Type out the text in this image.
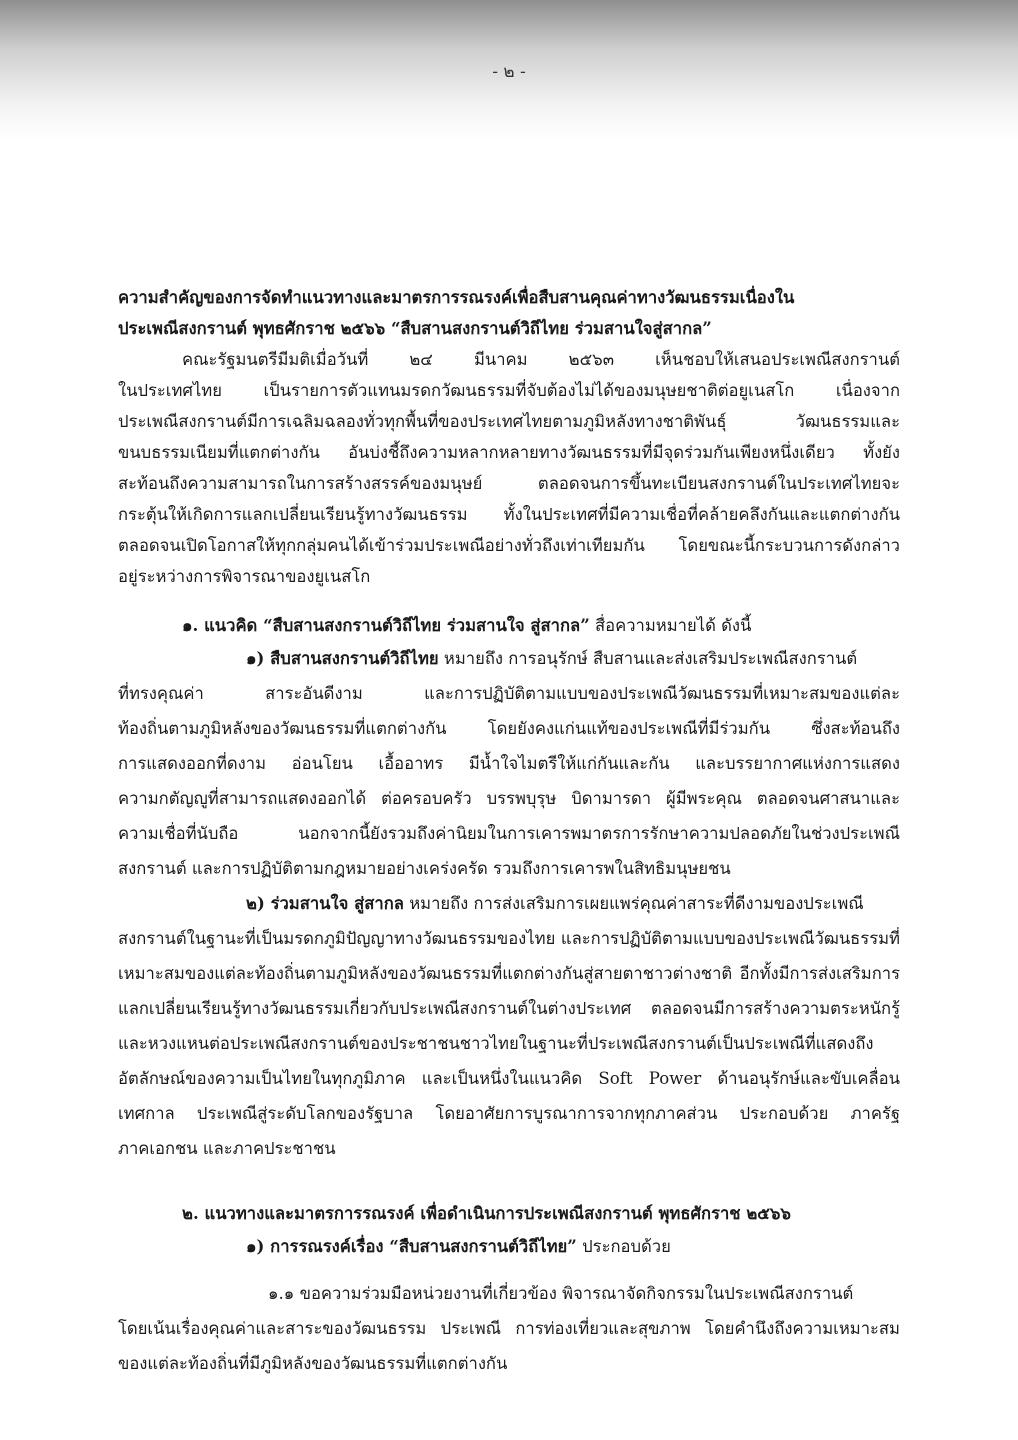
- ๒ -
ความสำคัญของการจัดทำแนวทางและมาตรการรณรงค์เพื่อสืบสานคุณค่าทางวัฒนธรรมเนื่องใน
ประเพณีสงกรานต์ พุทธศักราช ๒๕๖๖ “สืบสานสงกรานต์วิถีไทย ร่วมสานใจสู่สากล”
คณะรัฐมนตรีมีมติเมื่อวันที่ ๒๔ มีนาคม ๒๕๖๓ เห็นชอบให้เสนอประเพณีสงกรานต์
ในประเทศไทย เป็นรายการตัวแทนมรดกวัฒนธรรมที่จับต้องไม่ได้ของมนุษยชาติต่อยูเนสโก เนื่องจาก
ประเพณีสงกรานต์มีการเฉลิมฉลองทั่วทุกพื้นที่ของประเทศไทยตามภูมิหลังทางชาติพันธุ์ วัฒนธรรมและ
ขนบธรรมเนียมที่แตกต่างกัน อันบ่งชี้ถึงความหลากหลายทางวัฒนธรรมที่มีจุดร่วมกันเพียงหนึ่งเดียว ทั้งยัง
สะท้อนถึงความสามารถในการสร้างสรรค์ของมนุษย์ ตลอดจนการขึ้นทะเบียนสงกรานต์ในประเทศไทยจะ
กระตุ้นให้เกิดการแลกเปลี่ยนเรียนรู้ทางวัฒนธรรม ทั้งในประเทศที่มีความเชื่อที่คล้ายคลึงกันและแตกต่างกัน
ตลอดจนเปิดโอกาสให้ทุกกลุ่มคนได้เข้าร่วมประเพณีอย่างทั่วถึงเท่าเทียมกัน โดยขณะนี้กระบวนการดังกล่าว
อยู่ระหว่างการพิจารณาของยูเนสโก
๑. แนวคิด “สืบสานสงกรานต์วิถีไทย ร่วมสานใจ สู่สากล” สื่อความหมายได้ ดังนี้
๑) สืบสานสงกรานต์วิถีไทย หมายถึง การอนุรักษ์ สืบสานและส่งเสริมประเพณีสงกรานต์
ที่ทรงคุณค่า สาระอันดีงาม และการปฏิบัติตามแบบของประเพณีวัฒนธรรมที่เหมาะสมของแต่ละ
ท้องถิ่นตามภูมิหลังของวัฒนธรรมที่แตกต่างกัน โดยยังคงแก่นแท้ของประเพณีที่มีร่วมกัน ซึ่งสะท้อนถึง
การแสดงออกที่ดงาม อ่อนโยน เอื้ออาทร มีน้ำใจไมตรีให้แก่กันและกัน และบรรยากาศแห่งการแสดง
ความกตัญญูที่สามารถแสดงออกได้ ต่อครอบครัว บรรพบุรุษ บิดามารดา ผู้มีพระคุณ ตลอดจนศาสนาและ
ความเชื่อที่นับถือ นอกจากนี้ยังรวมถึงค่านิยมในการเคารพมาตรการรักษาความปลอดภัยในช่วงประเพณี
สงกรานต์ และการปฏิบัติตามกฎหมายอย่างเคร่งครัด รวมถึงการเคารพในสิทธิมนุษยชน
๒) ร่วมสานใจ สู่สากล หมายถึง การส่งเสริมการเผยแพร่คุณค่าสาระที่ดีงามของประเพณี
สงกรานต์ในฐานะที่เป็นมรดกภูมิปัญญาทางวัฒนธรรมของไทย และการปฏิบัติตามแบบของประเพณีวัฒนธรรมที่
เหมาะสมของแต่ละท้องถิ่นตามภูมิหลังของวัฒนธรรมที่แตกต่างกันสู่สายตาชาวต่างชาติ อีกทั้งมีการส่งเสริมการ
แลกเปลี่ยนเรียนรู้ทางวัฒนธรรมเกี่ยวกับประเพณีสงกรานต์ในต่างประเทศ ตลอดจนมีการสร้างความตระหนักรู้
และหวงแหนต่อประเพณีสงกรานต์ของประชาชนชาวไทยในฐานะที่ประเพณีสงกรานต์เป็นประเพณีที่แสดงถึง
อัตลักษณ์ของความเป็นไทยในทุกภูมิภาค และเป็นหนึ่งในแนวคิด Soft Power ด้านอนุรักษ์และขับเคลื่อน
เทศกาล ประเพณีสู่ระดับโลกของรัฐบาล โดยอาศัยการบูรณาการจากทุกภาคส่วน ประกอบด้วย ภาครัฐ
ภาคเอกชน และภาคประชาชน
๒. แนวทางและมาตรการรณรงค์ เพื่อดำเนินการประเพณีสงกรานต์ พุทธศักราช ๒๕๖๖
๑) การรณรงค์เรื่อง “สืบสานสงกรานต์วิถีไทย” ประกอบด้วย
๑.๑ ขอความร่วมมือหน่วยงานที่เกี่ยวข้อง พิจารณาจัดกิจกรรมในประเพณีสงกรานต์
โดยเน้นเรื่องคุณค่าและสาระของวัฒนธรรม ประเพณี การท่องเที่ยวและสุขภาพ โดยคำนึงถึงความเหมาะสม
ของแต่ละท้องถิ่นที่มีภูมิหลังของวัฒนธรรมที่แตกต่างกัน
